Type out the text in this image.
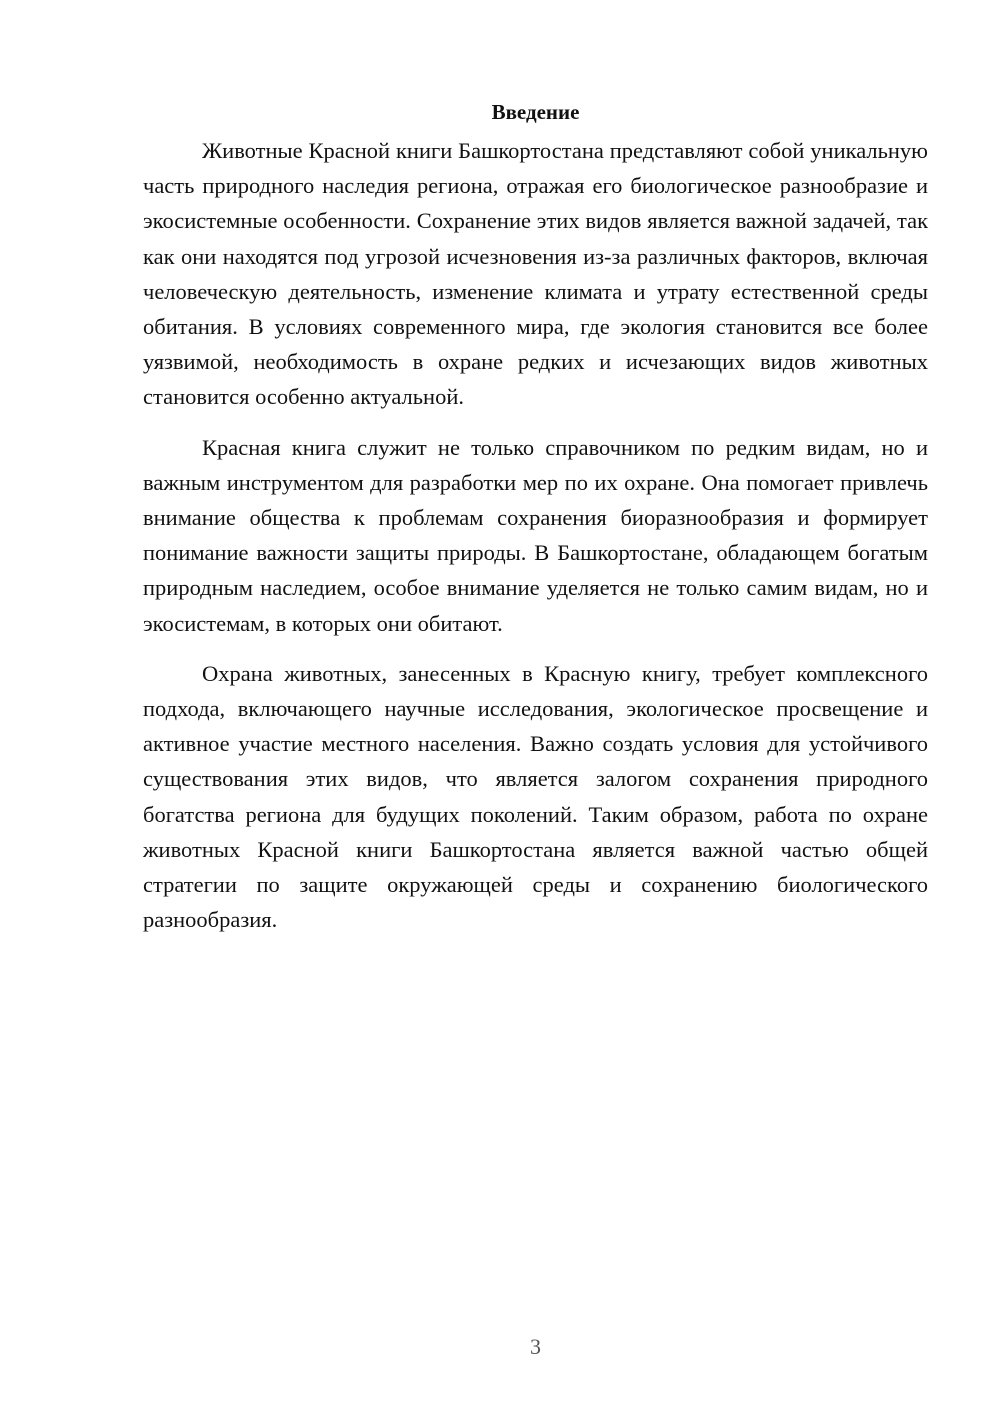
Введение

Животные Красной книги Башкортостана представляют собой уникальную часть природного наследия региона, отражая его биологическое разнообразие и экосистемные особенности. Сохранение этих видов является важной задачей, так как они находятся под угрозой исчезновения из-за различных факторов, включая человеческую деятельность, изменение климата и утрату естественной среды обитания. В условиях современного мира, где экология становится все более уязвимой, необходимость в охране редких и исчезающих видов животных становится особенно актуальной.

Красная книга служит не только справочником по редким видам, но и важным инструментом для разработки мер по их охране. Она помогает привлечь внимание общества к проблемам сохранения биоразнообразия и формирует понимание важности защиты природы. В Башкортостане, обладающем богатым природным наследием, особое внимание уделяется не только самим видам, но и экосистемам, в которых они обитают.

Охрана животных, занесенных в Красную книгу, требует комплексного подхода, включающего научные исследования, экологическое просвещение и активное участие местного населения. Важно создать условия для устойчивого существования этих видов, что является залогом сохранения природного богатства региона для будущих поколений. Таким образом, работа по охране животных Красной книги Башкортостана является важной частью общей стратегии по защите окружающей среды и сохранению биологического разнообразия.

3
